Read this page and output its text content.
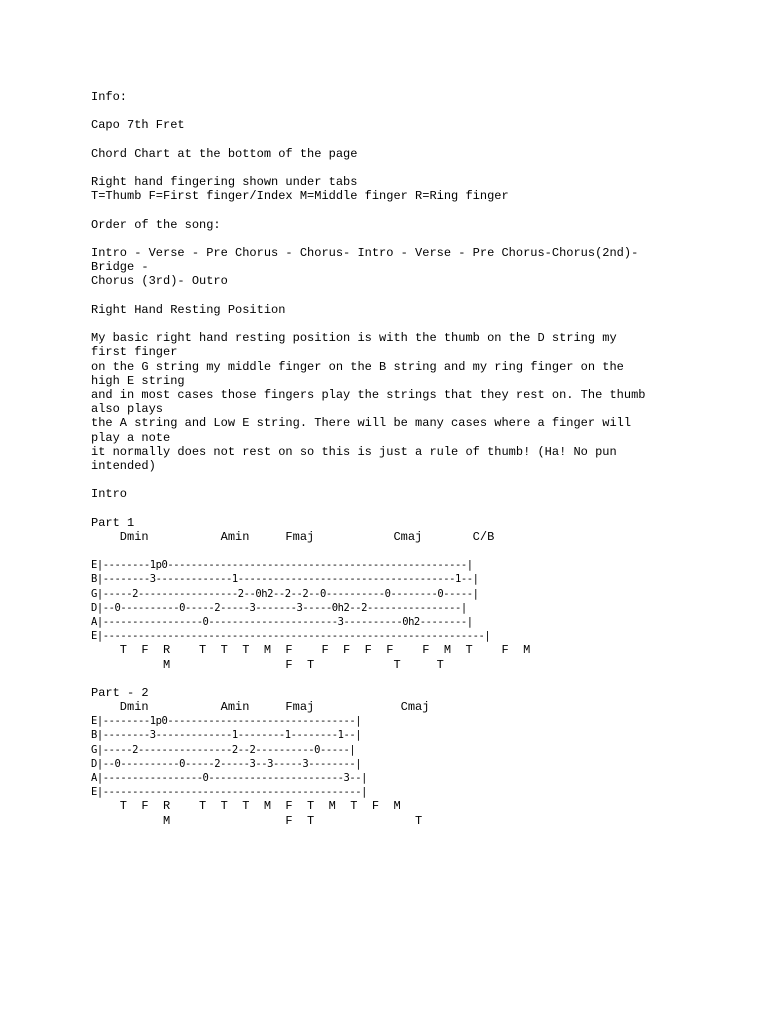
Info:
Capo 7th Fret
Chord Chart at the bottom of the page
Right hand fingering shown under tabs
T=Thumb F=First finger/Index M=Middle finger R=Ring finger
Order of the song:
Intro - Verse - Pre Chorus - Chorus- Intro - Verse - Pre Chorus-Chorus(2nd)-
Bridge -
Chorus (3rd)- Outro
Right Hand Resting Position
My basic right hand resting position is with the thumb on the D string my
first finger
on the G string my middle finger on the B string and my ring finger on the
high E string
and in most cases those fingers play the strings that they rest on. The thumb
also plays
the A string and Low E string. There will be many cases where a finger will
play a note
it normally does not rest on so this is just a rule of thumb! (Ha! No pun
intended)
Intro
Part 1
Dmin          Amin     Fmaj           Cmaj       C/B
E|--------1p0---------------------------------------------------|
B|--------3-------------1-------------------------------------1--|
G|-----2-----------------2--0h2--2--2--0----------0--------0-----|
D|--0----------0-----2-----3-------3-----0h2--2----------------|
A|-----------------0----------------------3----------0h2--------|
E|-----------------------------------------------------------------|
T  F  R    T  T  T  M  F    F  F  F  F    F  M  T    F  M
M                F  T           T     T
Part - 2
Dmin          Amin     Fmaj            Cmaj
E|--------1p0--------------------------------|
B|--------3-------------1--------1--------1--|
G|-----2----------------2--2----------0-----|
D|--0----------0-----2-----3--3-----3--------|
A|-----------------0-----------------------3--|
E|--------------------------------------------|
T  F  R    T  T  T  M  F  T  M  T  F  M
M                F  T              T
